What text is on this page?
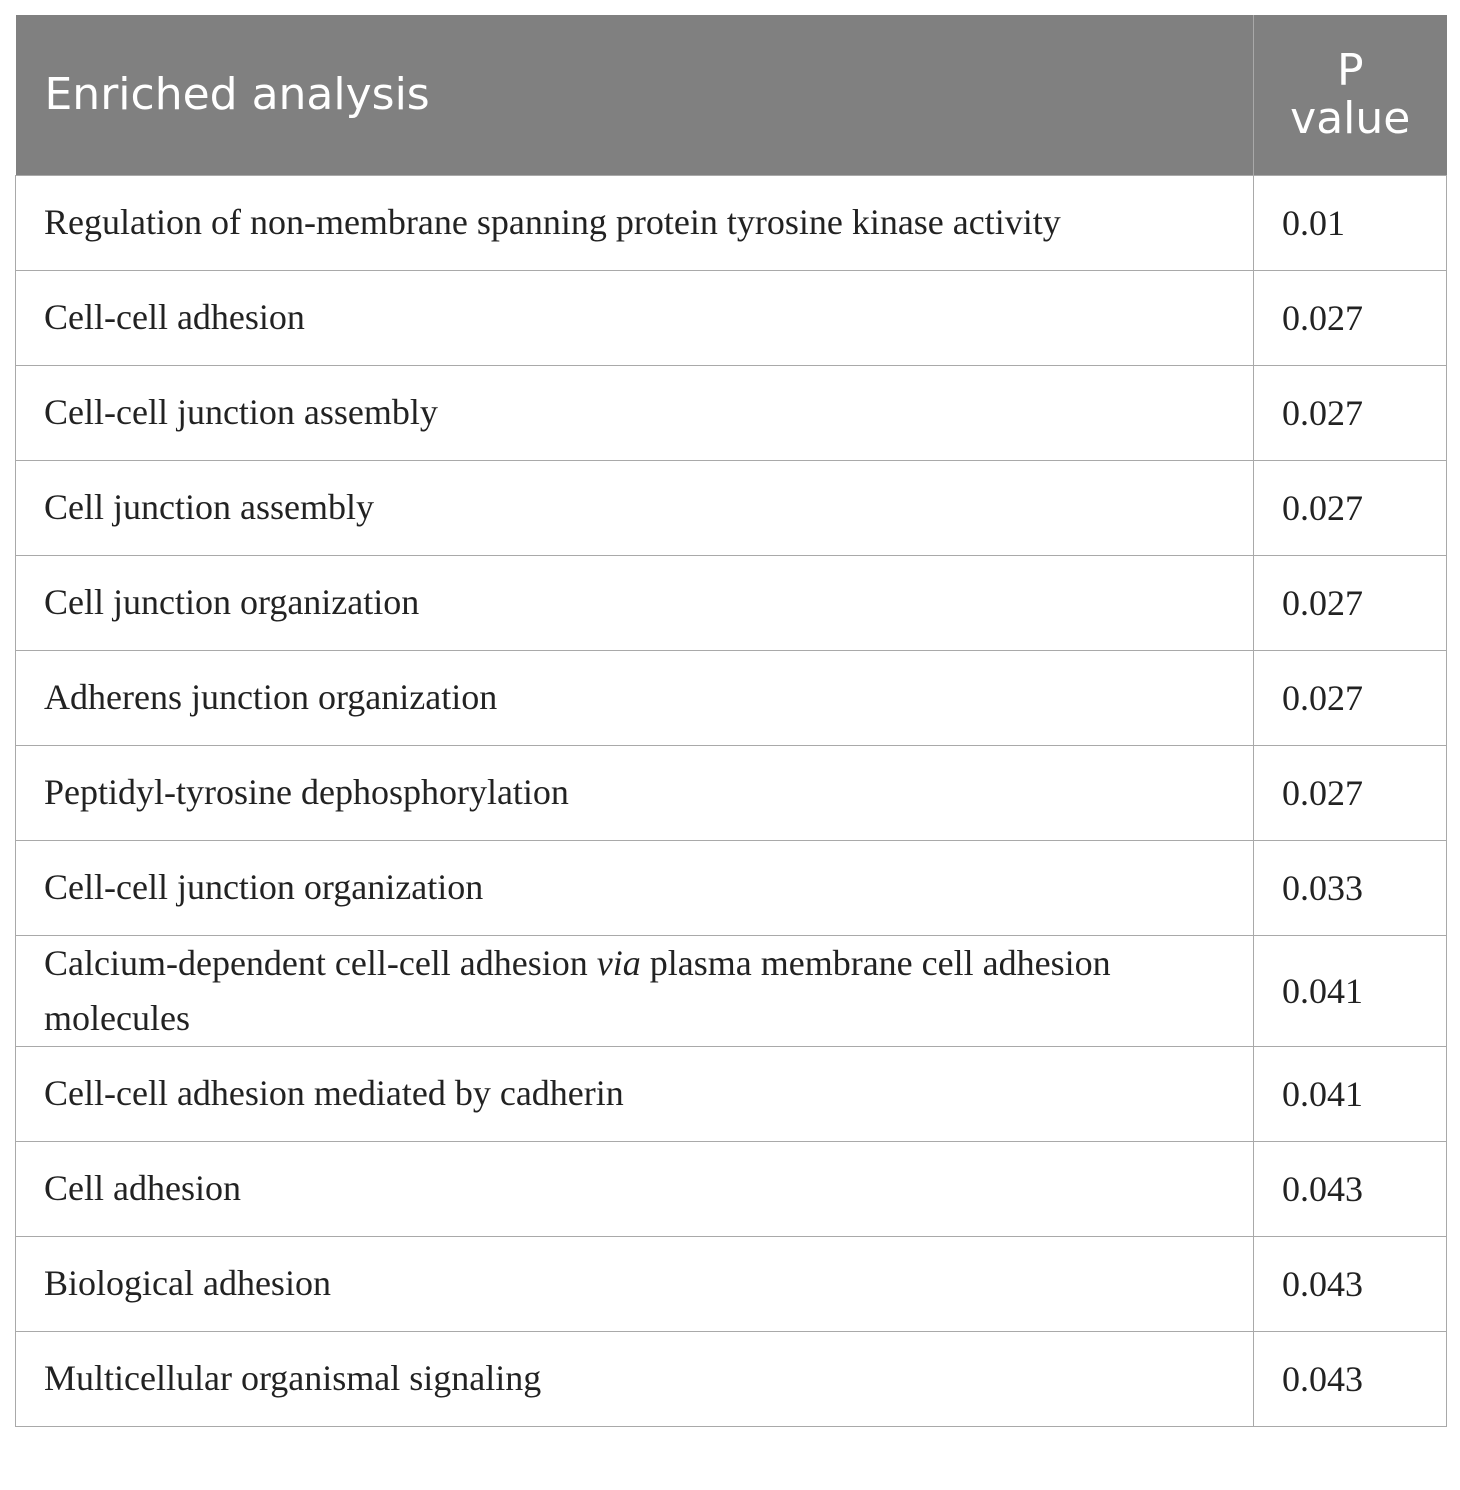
Enriched analysis	P
value

Regulation of non-membrane spanning protein tyrosine kinase activity	0.01
Cell-cell adhesion	0.027
Cell-cell junction assembly	0.027
Cell junction assembly	0.027
Cell junction organization	0.027
Adherens junction organization	0.027
Peptidyl-tyrosine dephosphorylation	0.027
Cell-cell junction organization	0.033
Calcium-dependent cell-cell adhesion via plasma membrane cell adhesion molecules	0.041
Cell-cell adhesion mediated by cadherin	0.041
Cell adhesion	0.043
Biological adhesion	0.043
Multicellular organismal signaling	0.043
